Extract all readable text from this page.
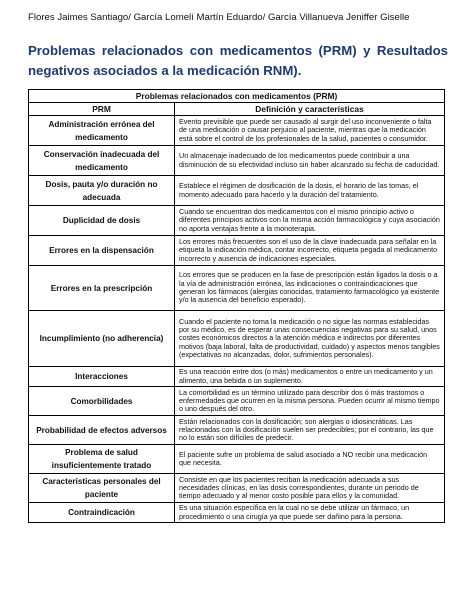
Flores Jaimes Santiago/ García Lomelí Martín Eduardo/ García Villanueva Jeniffer Giselle
Problemas relacionados con medicamentos (PRM) y Resultados
negativos asociados a la medicación RNM).
Problemas relacionados con medicamentos (PRM)	
PRM	Definición y características
Administración errónea del medicamento	Evento previsible que puede ser causado al surgir del uso inconveniente o falta de una medicación o causar perjuicio al paciente, mientras que la medicación está sobre el control de los profesionales de la salud, pacientes o consumidor.
Conservación inadecuada del medicamento	Un almacenaje inadecuado de los medicamentos puede contribuir a una disminución de su efectividad incluso sin haber alcanzado su fecha de caducidad.
Dosis, pauta y/o duración no adecuada	Establece el régimen de dosificación de la dosis, el horario de las tomas, el momento adecuado para hacerlo y la duración del tratamiento.
Duplicidad de dosis	Cuando se encuentran dos medicamentos con el mismo principio activo o diferentes principios activos con la misma acción farmacológica y cuya asociación no aporta ventajas frente a la monoterapia.
Errores en la dispensación	Los errores más frecuentes son el uso de la clave inadecuada para señalar en la etiqueta la indicación médica, contar incorrecto, etiqueta pegada al medicamento incorrecto y ausencia de indicaciones especiales.
Errores en la prescripción	Los errores que se producen en la fase de prescripción están ligados la dosis o a la vía de administración errónea, las indicaciones o contraindicaciones que generan los fármacos (alergias conocidas, tratamiento farmacológico ya existente y/o la ausencia del beneficio esperado).
Incumplimiento (no adherencia)	Cuando el paciente no toma la medicación o no sigue las normas establecidas por su médico, es de esperar unas consecuencias negativas para su salud, unos costes económicos directos a la atención médica e indirectos por diferentes motivos (baja laboral, falta de productividad, cuidado) y aspectos menos tangibles (expectativas no alcanzadas, dolor, sufrimientos personales).
Interacciones	Es una reacción entre dos (o más) medicamentos o entre un medicamento y un alimento, una bebida o un suplemento.
Comorbilidades	La comorbilidad es un término utilizado para describir dos ó más trastornos o enfermedades que ocurren en la misma persona. Pueden ocurrir al mismo tiempo o uno después del otro.
Probabilidad de efectos adversos	Están relacionados con la dosificación; son alergias o idiosincráticas. Las relacionadas con la dosificación suelen ser predecibles; por el contrario, las que no lo están son difíciles de predecir.
Problema de salud insuficientemente tratado	El paciente sufre un problema de salud asociado a NO recibir una medicación que necesita.
Características personales del paciente	Consiste en que los pacientes reciban la medicación adecuada a sus necesidades clínicas, en las dosis correspondientes, durante un periodo de tiempo adecuado y al menor costo posible para ellos y la comunidad.
Contraindicación	Es una situación específica en la cual no se debe utilizar un fármaco, un procedimiento o una cirugía ya que puede ser dañino para la persona.
